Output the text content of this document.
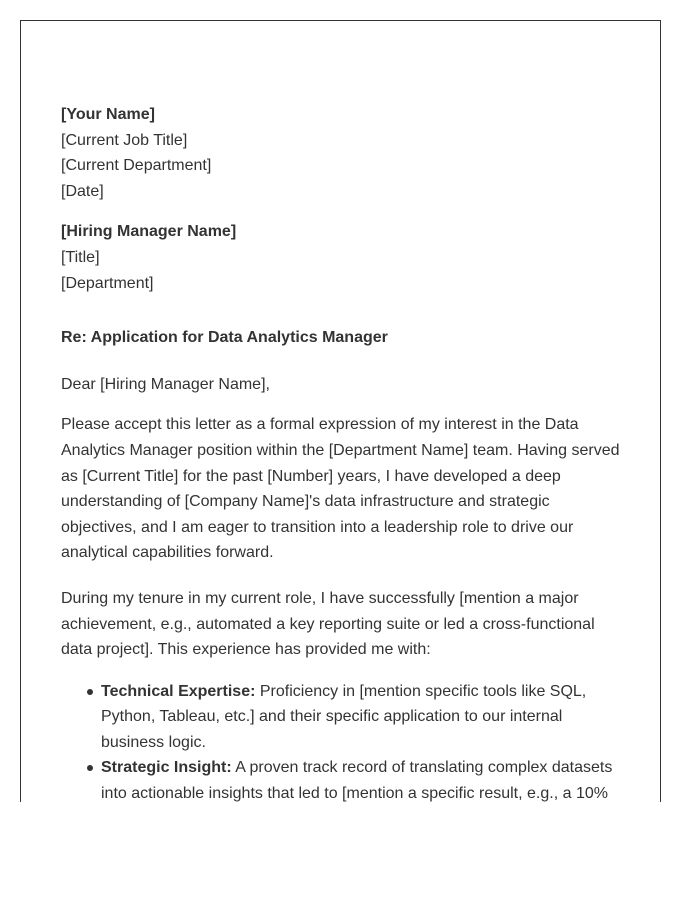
[Your Name]

[Current Job Title]

[Current Department]

[Date]

[Hiring Manager Name]

[Title]

[Department]

Re: Application for Data Analytics Manager

Dear [Hiring Manager Name],

Please accept this letter as a formal expression of my interest in the Data
Analytics Manager position within the [Department Name] team. Having served
as [Current Title] for the past [Number] years, I have developed a deep
understanding of [Company Name]'s data infrastructure and strategic
objectives, and I am eager to transition into a leadership role to drive our
analytical capabilities forward.

During my tenure in my current role, I have successfully [mention a major
achievement, e.g., automated a key reporting suite or led a cross-functional
data project]. This experience has provided me with:

Technical Expertise: Proficiency in [mention specific tools like SQL,
Python, Tableau, etc.] and their specific application to our internal
business logic.
Strategic Insight: A proven track record of translating complex datasets
into actionable insights that led to [mention a specific result, e.g., a 10%
